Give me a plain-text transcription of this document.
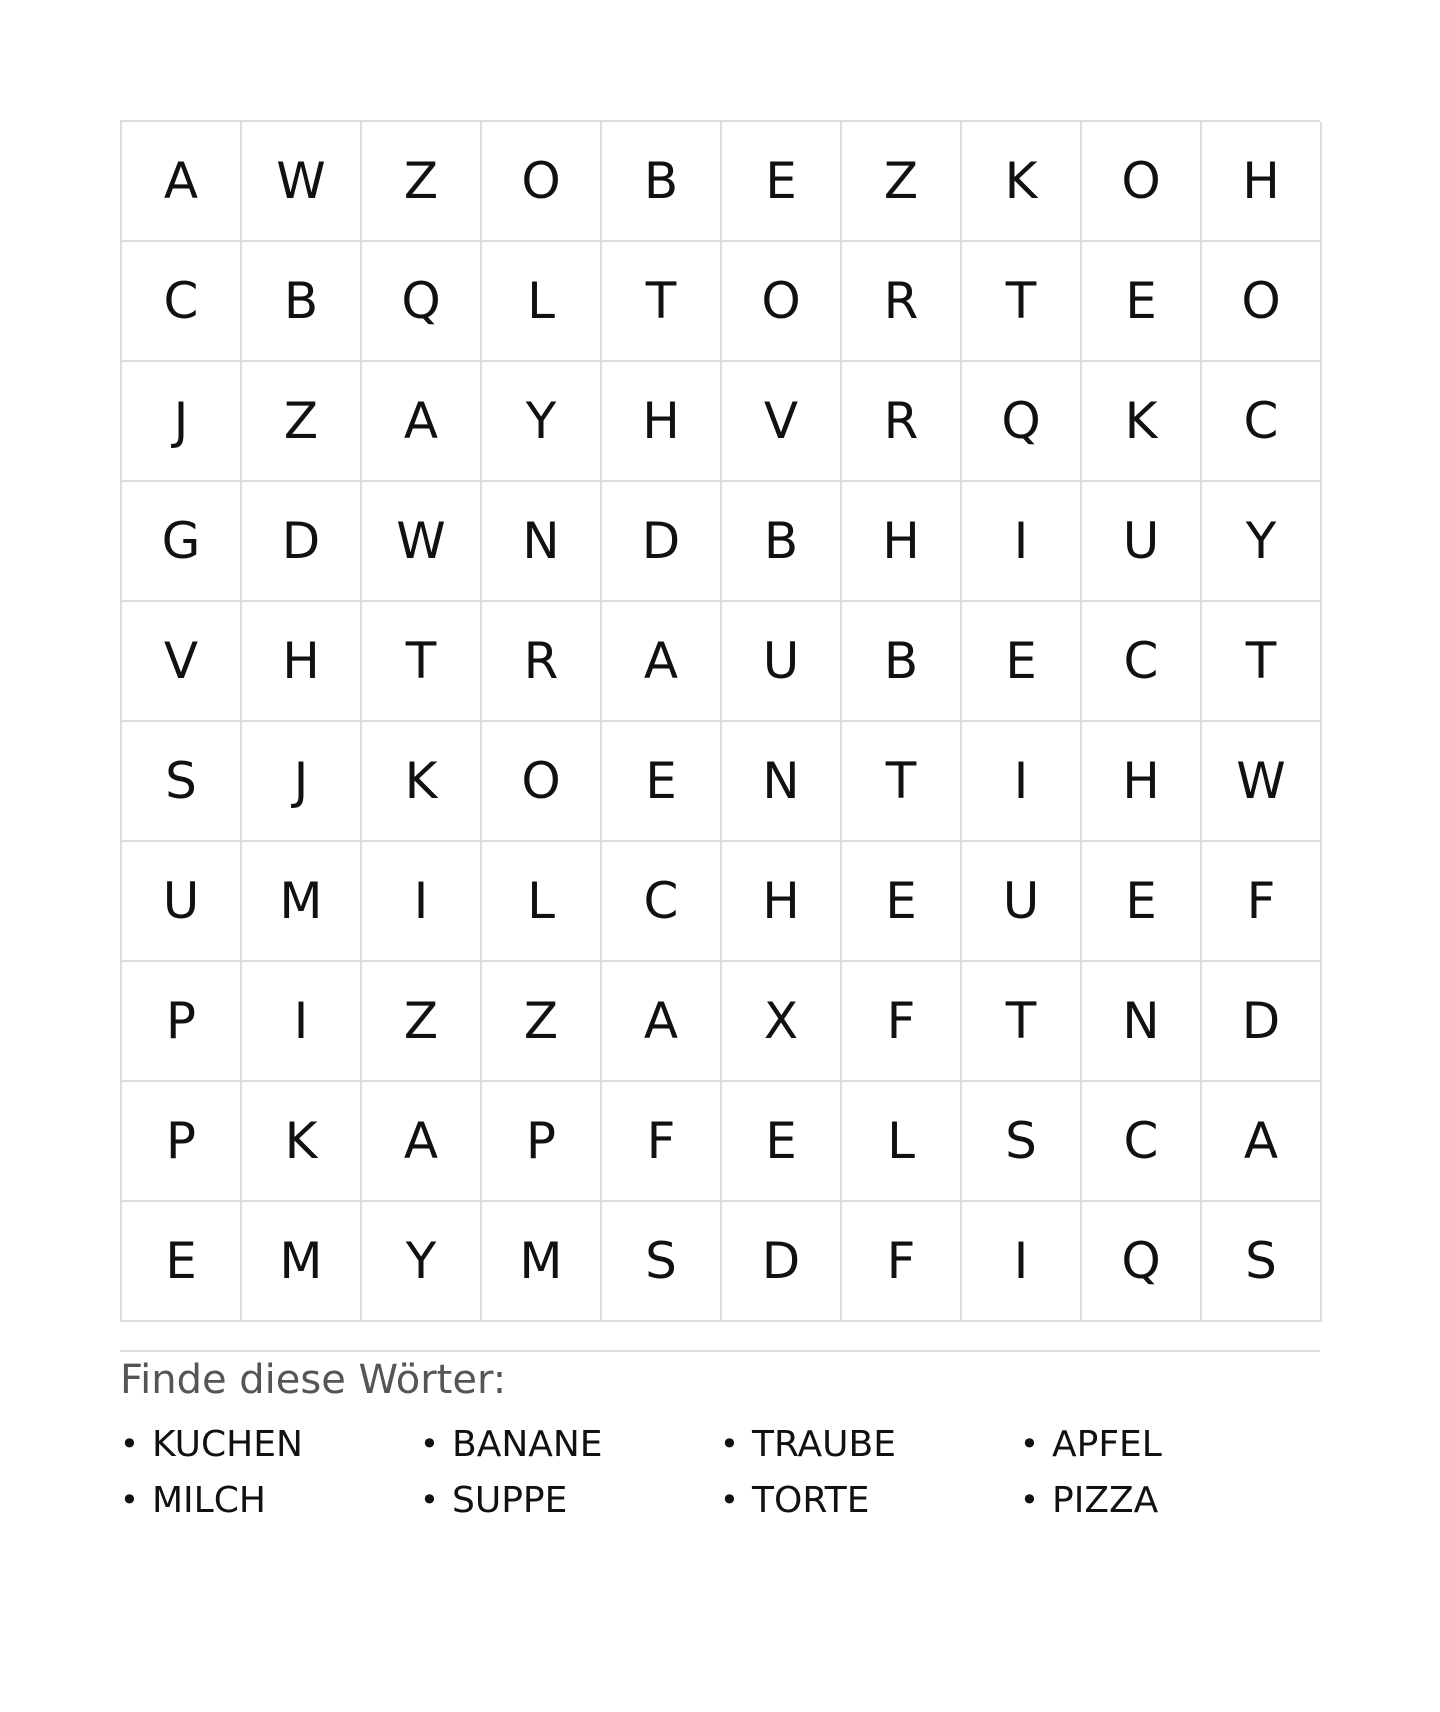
A	W	Z	O	B	E	Z	K	O	H
C	B	Q	L	T	O	R	T	E	O
J	Z	A	Y	H	V	R	Q	K	C
G	D	W	N	D	B	H	I	U	Y
V	H	T	R	A	U	B	E	C	T
S	J	K	O	E	N	T	I	H	W
U	M	I	L	C	H	E	U	E	F
P	I	Z	Z	A	X	F	T	N	D
P	K	A	P	F	E	L	S	C	A
E	M	Y	M	S	D	F	I	Q	S
Finde diese Wörter:
• KUCHEN	• BANANE	• TRAUBE	• APFEL
• MILCH	• SUPPE	• TORTE	• PIZZA
